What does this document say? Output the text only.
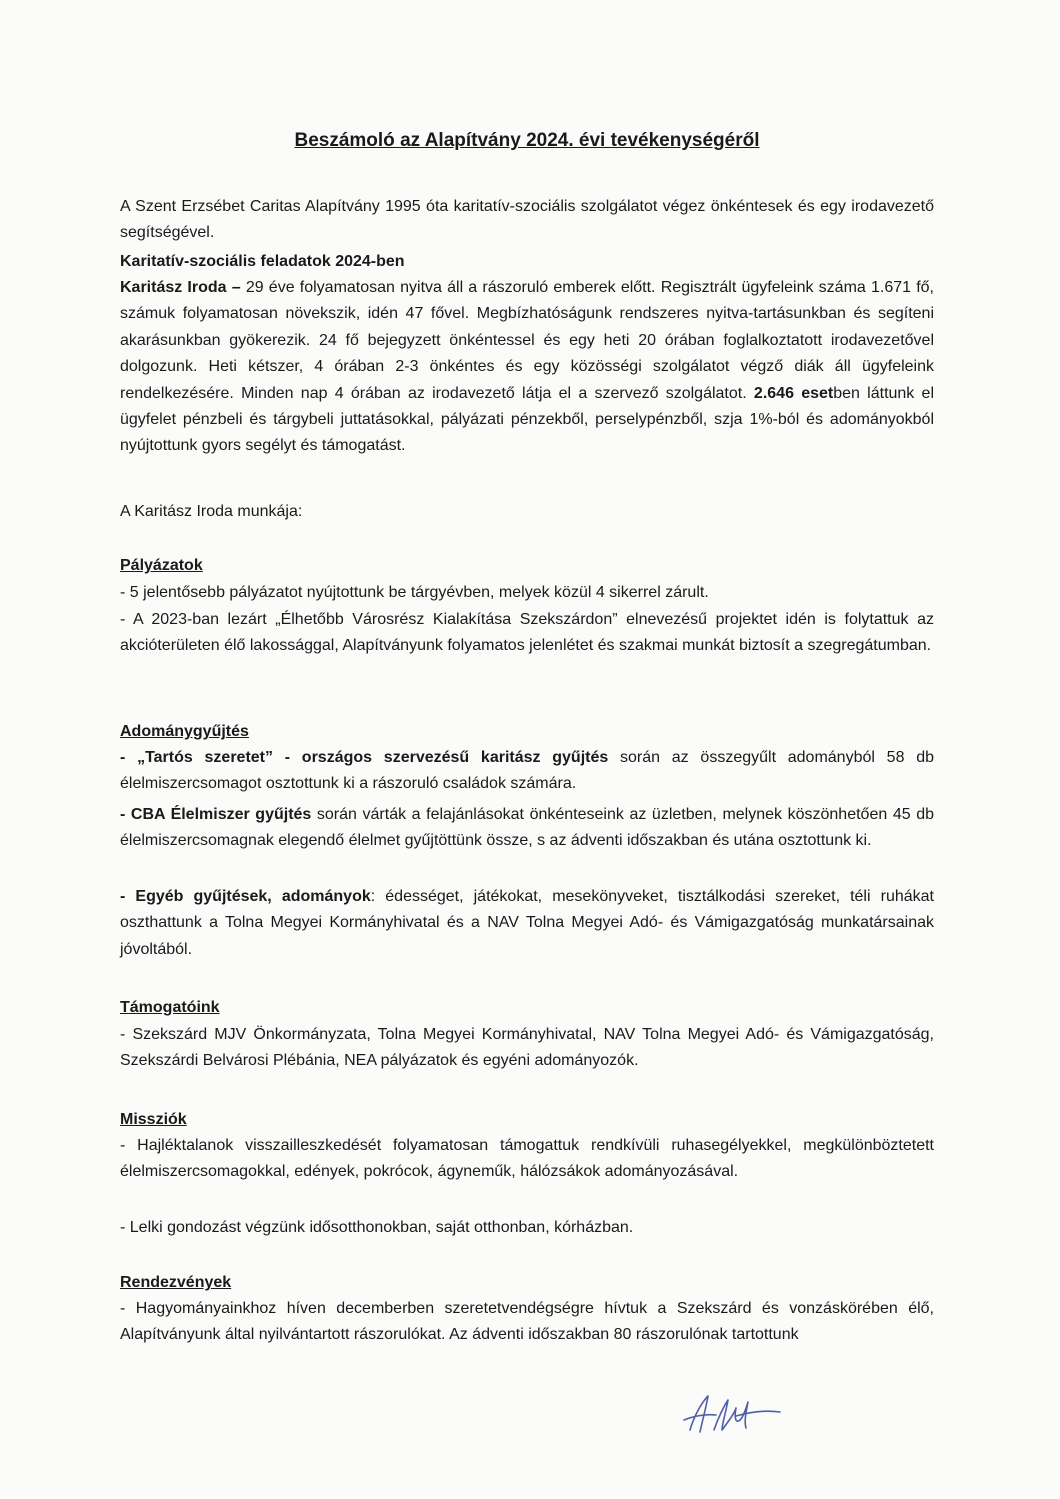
Beszámoló az Alapítvány 2024. évi tevékenységéről

A Szent Erzsébet Caritas Alapítvány 1995 óta karitatív-szociális szolgálatot végez önkéntesek és egy irodavezető segítségével.

Karitatív-szociális feladatok 2024-ben

Karitász Iroda – 29 éve folyamatosan nyitva áll a rászoruló emberek előtt. Regisztrált ügyfeleink száma 1.671 fő, számuk folyamatosan növekszik, idén 47 fővel. Megbízhatóságunk rendszeres nyitva-tartásunkban és segíteni akarásunkban gyökerezik. 24 fő bejegyzett önkéntessel és egy heti 20 órában foglalkoztatott irodavezetővel dolgozunk. Heti kétszer, 4 órában 2-3 önkéntes és egy közösségi szolgálatot végző diák áll ügyfeleink rendelkezésére. Minden nap 4 órában az irodavezető látja el a szervező szolgálatot. 2.646 esetben láttunk el ügyfelet pénzbeli és tárgybeli juttatásokkal, pályázati pénzekből, perselypénzből, szja 1%-ból és adományokból nyújtottunk gyors segélyt és támogatást.

A Karitász Iroda munkája:

Pályázatok

- 5 jelentősebb pályázatot nyújtottunk be tárgyévben, melyek közül 4 sikerrel zárult.

- A 2023-ban lezárt „Élhetőbb Városrész Kialakítása Szekszárdon” elnevezésű projektet idén is folytattuk az akcióterületen élő lakossággal, Alapítványunk folyamatos jelenlétet és szakmai munkát biztosít a szegregátumban.

Adománygyűjtés

- „Tartós szeretet” - országos szervezésű karitász gyűjtés során az összegyűlt adományból 58 db élelmiszercsomagot osztottunk ki a rászoruló családok számára.

- CBA Élelmiszer gyűjtés során várták a felajánlásokat önkénteseink az üzletben, melynek köszönhetően 45 db élelmiszercsomagnak elegendő élelmet gyűjtöttünk össze, s az ádventi időszakban és utána osztottunk ki.

- Egyéb gyűjtések, adományok: édességet, játékokat, mesekönyveket, tisztálkodási szereket, téli ruhákat oszthattunk a Tolna Megyei Kormányhivatal és a NAV Tolna Megyei Adó- és Vámigazgatóság munkatársainak jóvoltából.

Támogatóink

- Szekszárd MJV Önkormányzata, Tolna Megyei Kormányhivatal, NAV Tolna Megyei Adó- és Vámigazgatóság, Szekszárdi Belvárosi Plébánia, NEA pályázatok és egyéni adományozók.

Missziók

- Hajléktalanok visszailleszkedését folyamatosan támogattuk rendkívüli ruhasegélyekkel, megkülönböztetett élelmiszercsomagokkal, edények, pokrócok, ágyneműk, hálózsákok adományozásával.

- Lelki gondozást végzünk idősotthonokban, saját otthonban, kórházban.

Rendezvények

- Hagyományainkhoz híven decemberben szeretetvendégségre hívtuk a Szekszárd és vonzáskörében élő, Alapítványunk által nyilvántartott rászorulókat. Az ádventi időszakban 80 rászorulónak tartottunk
